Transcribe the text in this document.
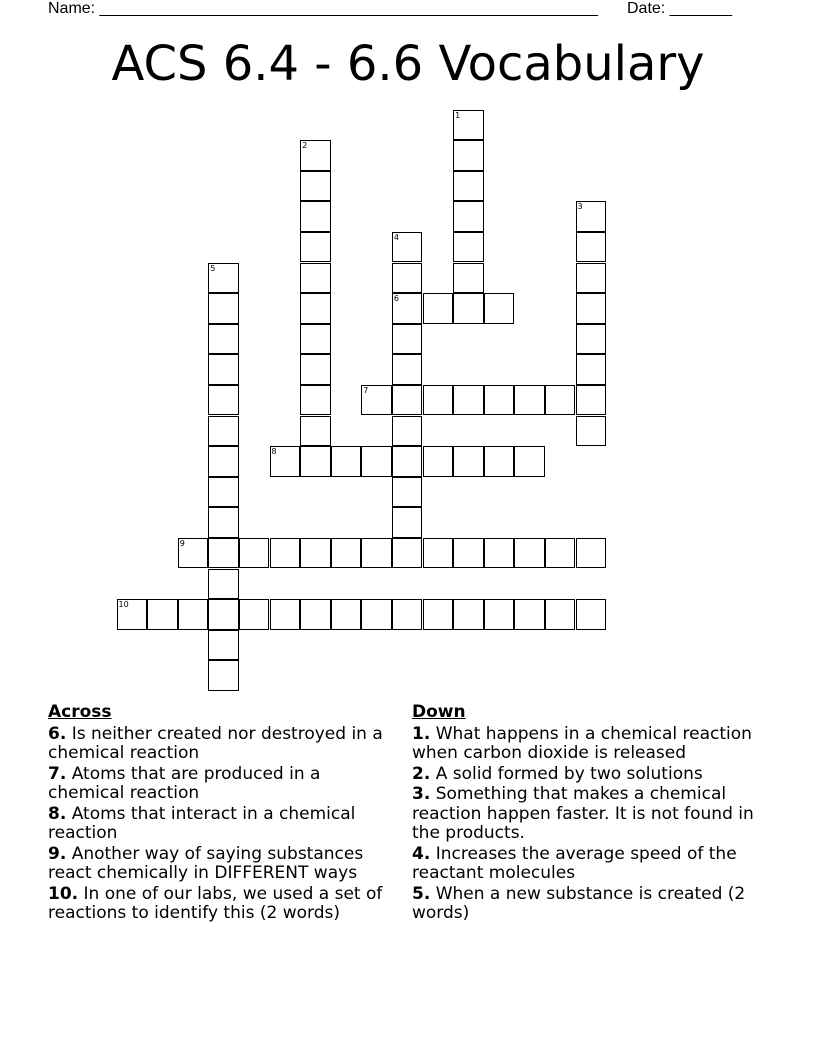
Name: ________________________________________________________ Date: _______
ACS 6.4 - 6.6 Vocabulary
1
2
3
4
6
5
7
8
9
10
Across
6. Is neither created nor destroyed in a chemical reaction
7. Atoms that are produced in a chemical reaction
8. Atoms that interact in a chemical reaction
9. Another way of saying substances react chemically in DIFFERENT ways
10. In one of our labs, we used a set of reactions to identify this (2 words)
Down
1. What happens in a chemical reaction when carbon dioxide is released
2. A solid formed by two solutions
3. Something that makes a chemical reaction happen faster. It is not found in the products.
4. Increases the average speed of the reactant molecules
5. When a new substance is created (2 words)
